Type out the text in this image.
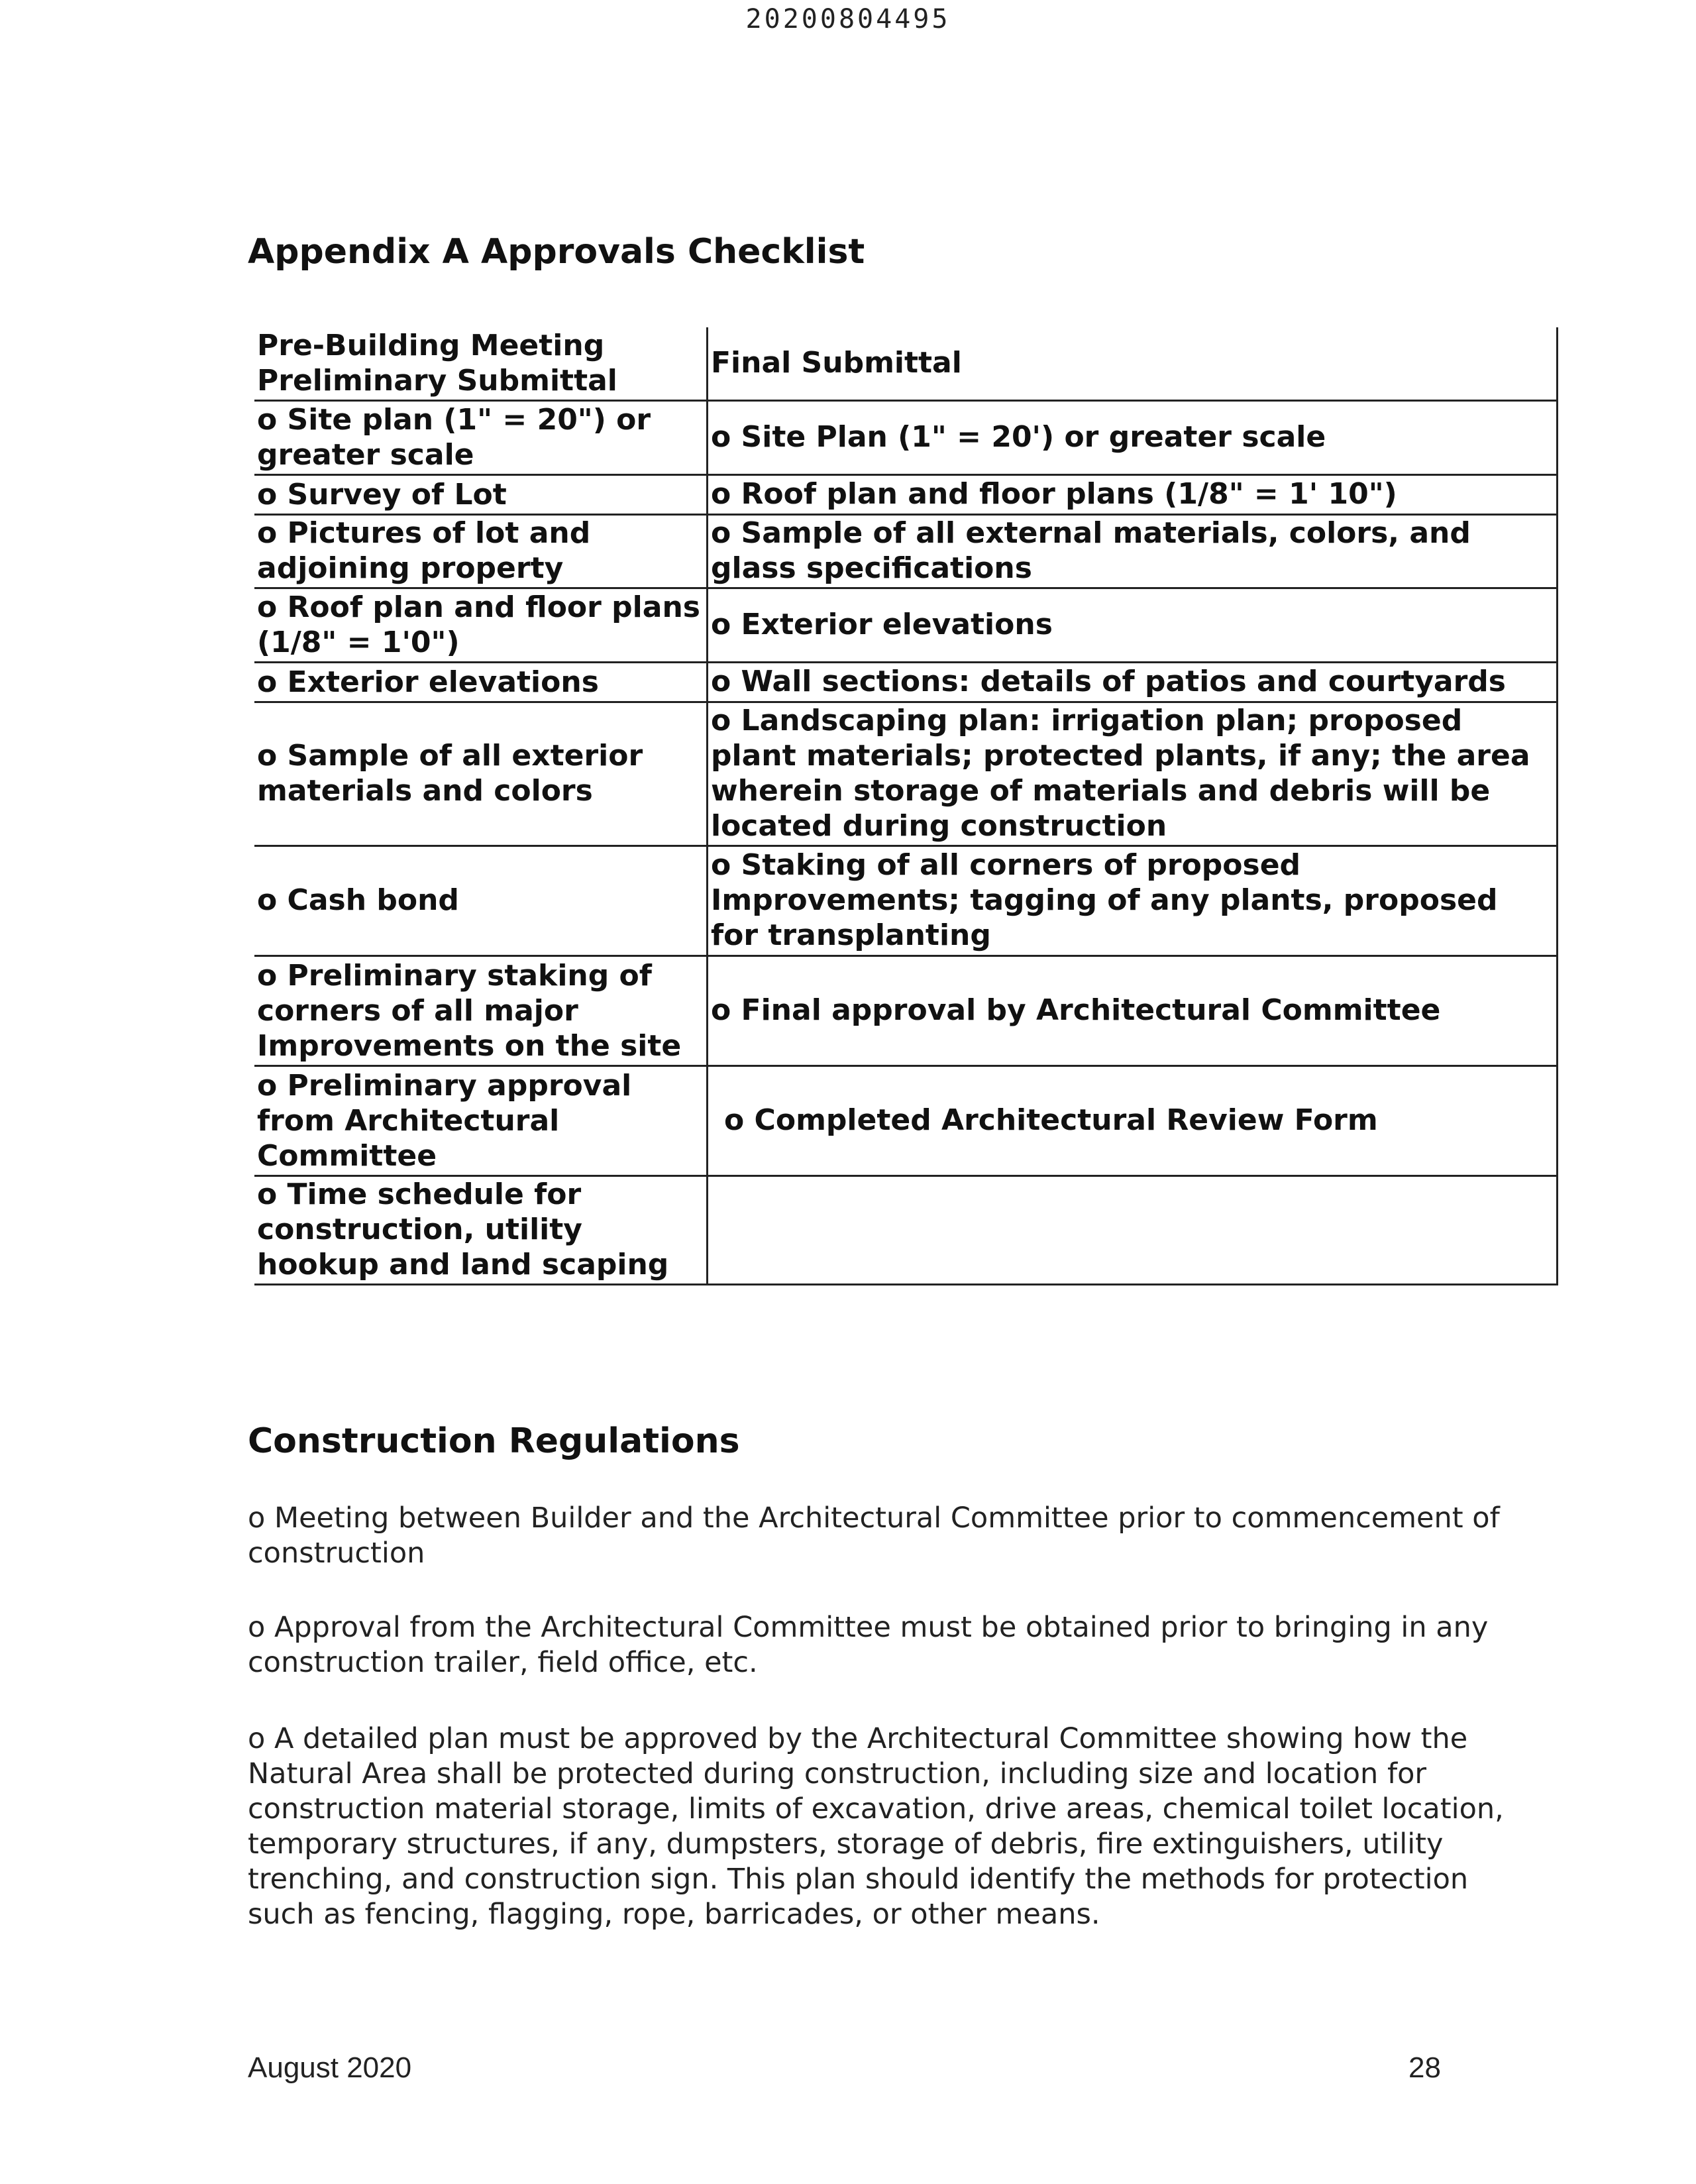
20200804495
Appendix A Approvals Checklist
Pre-Building Meeting Preliminary Submittal	Final Submittal

o Site plan (1" = 20") or greater scale	o Site Plan (1" = 20') or greater scale

o Survey of Lot	o Roof plan and floor plans (1/8" = 1' 10")

o Pictures of lot and adjoining property	o Sample of all external materials, colors, and glass specifications

o Roof plan and floor plans (1/8" = 1'0")	o Exterior elevations

o Exterior elevations	o Wall sections: details of patios and courtyards

o Sample of all exterior materials and colors	o Landscaping plan: irrigation plan; proposed plant materials; protected plants, if any; the area wherein storage of materials and debris will be located during construction

o Cash bond	o Staking of all corners of proposed Improvements; tagging of any plants, proposed for transplanting

o Preliminary staking of corners of all major Improvements on the site	o Final approval by Architectural Committee

o Preliminary approval from Architectural Committee	o Completed Architectural Review Form

o Time schedule for construction, utility hookup and land scaping	

Construction Regulations

o Meeting between Builder and the Architectural Committee prior to commencement of construction

o Approval from the Architectural Committee must be obtained prior to bringing in any construction trailer, field office, etc.

o A detailed plan must be approved by the Architectural Committee showing how the Natural Area shall be protected during construction, including size and location for construction material storage, limits of excavation, drive areas, chemical toilet location, temporary structures, if any, dumpsters, storage of debris, fire extinguishers, utility trenching, and construction sign. This plan should identify the methods for protection such as fencing, flagging, rope, barricades, or other means.

August 2020	28
